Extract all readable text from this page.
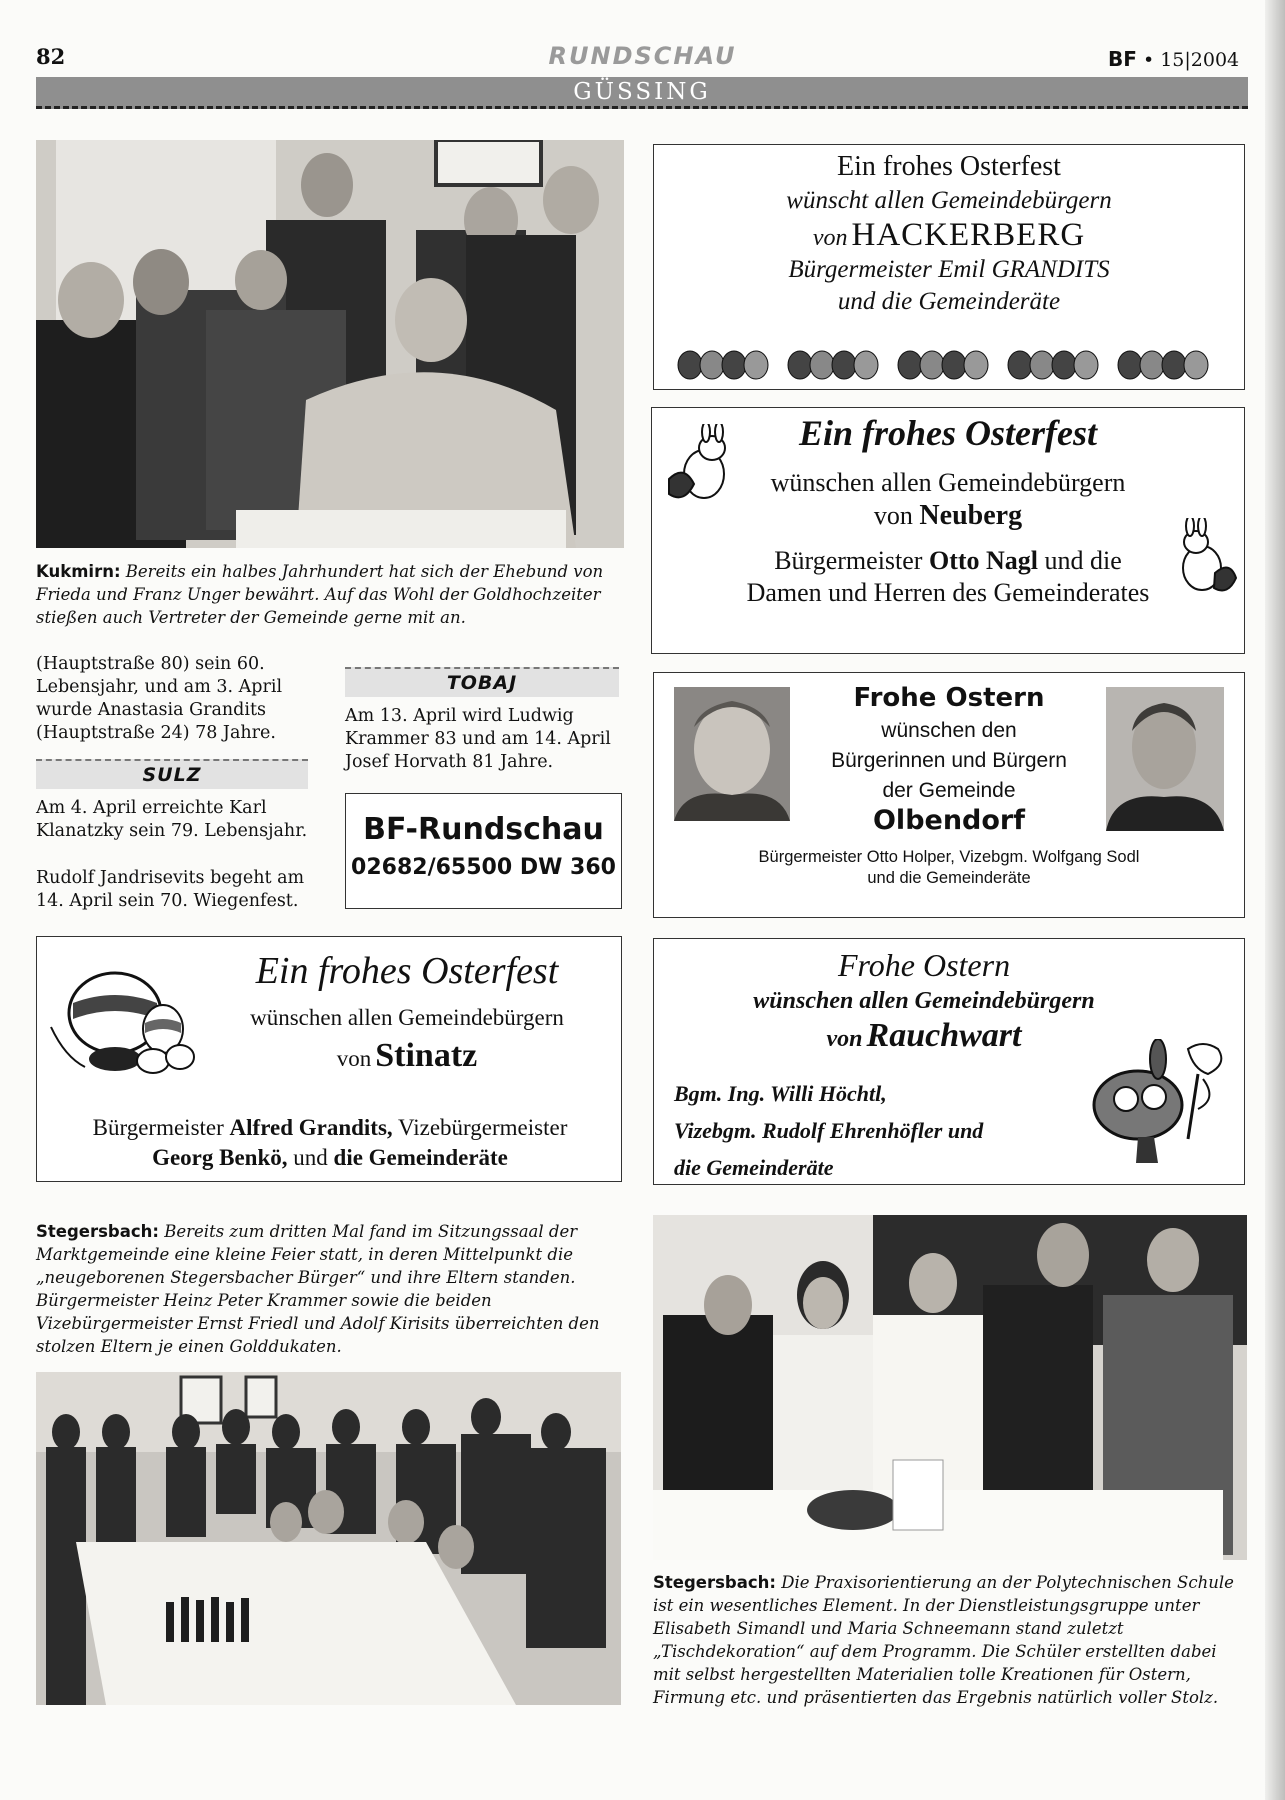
82	RUNDSCHAU	BF • 15|2004
GÜSSING
Kukmirn: Bereits ein halbes Jahrhundert hat sich der Ehebund von Frieda und Franz Unger bewährt. Auf das Wohl der Goldhochzeiter stießen auch Vertreter der Gemeinde gerne mit an.
(Hauptstraße 80) sein 60. Lebensjahr, und am 3. April wurde Anastasia Grandits (Hauptstraße 24) 78 Jahre.
SULZ
Am 4. April erreichte Karl Klanatzky sein 79. Lebensjahr.
Rudolf Jandrisevits begeht am 14. April sein 70. Wiegenfest.
TOBAJ
Am 13. April wird Ludwig Krammer 83 und am 14. April Josef Horvath 81 Jahre.
BF-Rundschau
02682/65500 DW 360
Ein frohes Osterfest
wünscht allen Gemeindebürgern
von HACKERBERG
Bürgermeister Emil GRANDITS
und die Gemeinderäte
Ein frohes Osterfest
wünschen allen Gemeindebürgern
von Neuberg
Bürgermeister Otto Nagl und die
Damen und Herren des Gemeinderates
Frohe Ostern
wünschen den
Bürgerinnen und Bürgern
der Gemeinde
Olbendorf
Bürgermeister Otto Holper, Vizebgm. Wolfgang Sodl
und die Gemeinderäte
Ein frohes Osterfest
wünschen allen Gemeindebürgern
von Stinatz
Bürgermeister Alfred Grandits, Vizebürgermeister
Georg Benkö, und die Gemeinderäte
Frohe Ostern
wünschen allen Gemeindebürgern
von Rauchwart
Bgm. Ing. Willi Höchtl,
Vizebgm. Rudolf Ehrenhöfler und
die Gemeinderäte
Stegersbach: Bereits zum dritten Mal fand im Sitzungssaal der Marktgemeinde eine kleine Feier statt, in deren Mittelpunkt die „neugeborenen Stegersbacher Bürger“ und ihre Eltern standen. Bürgermeister Heinz Peter Krammer sowie die beiden Vizebürgermeister Ernst Friedl und Adolf Kirisits überreichten den stolzen Eltern je einen Golddukaten.
Stegersbach: Die Praxisorientierung an der Polytechnischen Schule ist ein wesentliches Element. In der Dienstleistungsgruppe unter Elisabeth Simandl und Maria Schneemann stand zuletzt „Tischdekoration“ auf dem Programm. Die Schüler erstellten dabei mit selbst hergestellten Materialien tolle Kreationen für Ostern, Firmung etc. und präsentierten das Ergebnis natürlich voller Stolz.
